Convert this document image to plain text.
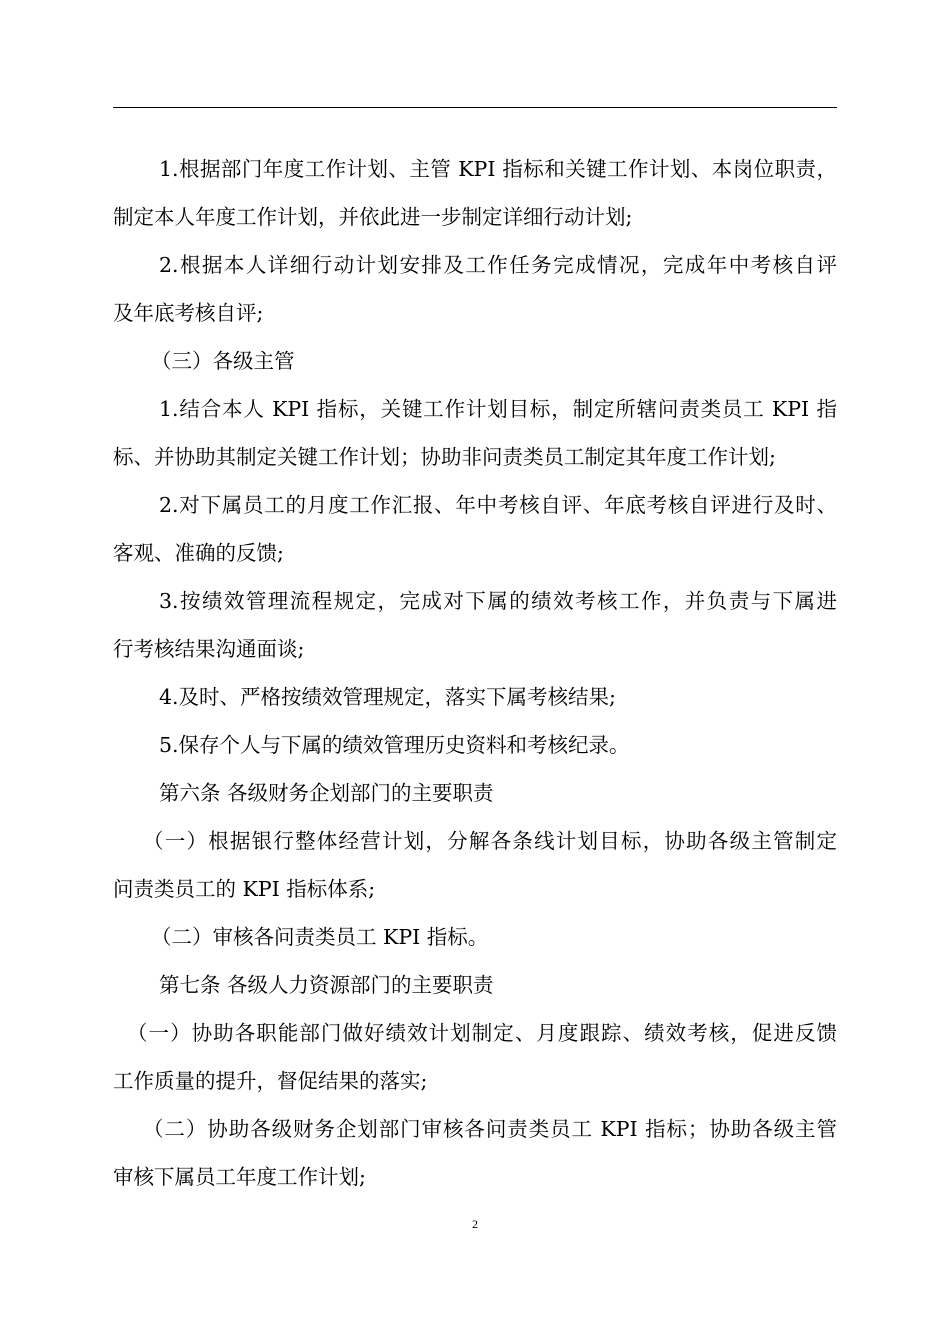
1.根据部门年度工作计划、主管 KPI 指标和关键工作计划、本岗位职责，
制定本人年度工作计划，并依此进一步制定详细行动计划;
2.根据本人详细行动计划安排及工作任务完成情况，完成年中考核自评
及年底考核自评;
（三）各级主管
1.结合本人 KPI 指标，关键工作计划目标，制定所辖问责类员工 KPI 指
标、并协助其制定关键工作计划；协助非问责类员工制定其年度工作计划;
2.对下属员工的月度工作汇报、年中考核自评、年底考核自评进行及时、
客观、准确的反馈;
3.按绩效管理流程规定，完成对下属的绩效考核工作，并负责与下属进
行考核结果沟通面谈;
4.及时、严格按绩效管理规定，落实下属考核结果;
5.保存个人与下属的绩效管理历史资料和考核纪录。
第六条 各级财务企划部门的主要职责
（一）根据银行整体经营计划，分解各条线计划目标，协助各级主管制定
问责类员工的 KPI 指标体系;
（二）审核各问责类员工 KPI 指标。
第七条 各级人力资源部门的主要职责
（一）协助各职能部门做好绩效计划制定、月度跟踪、绩效考核，促进反馈
工作质量的提升，督促结果的落实;
（二）协助各级财务企划部门审核各问责类员工 KPI 指标；协助各级主管
审核下属员工年度工作计划;
2
